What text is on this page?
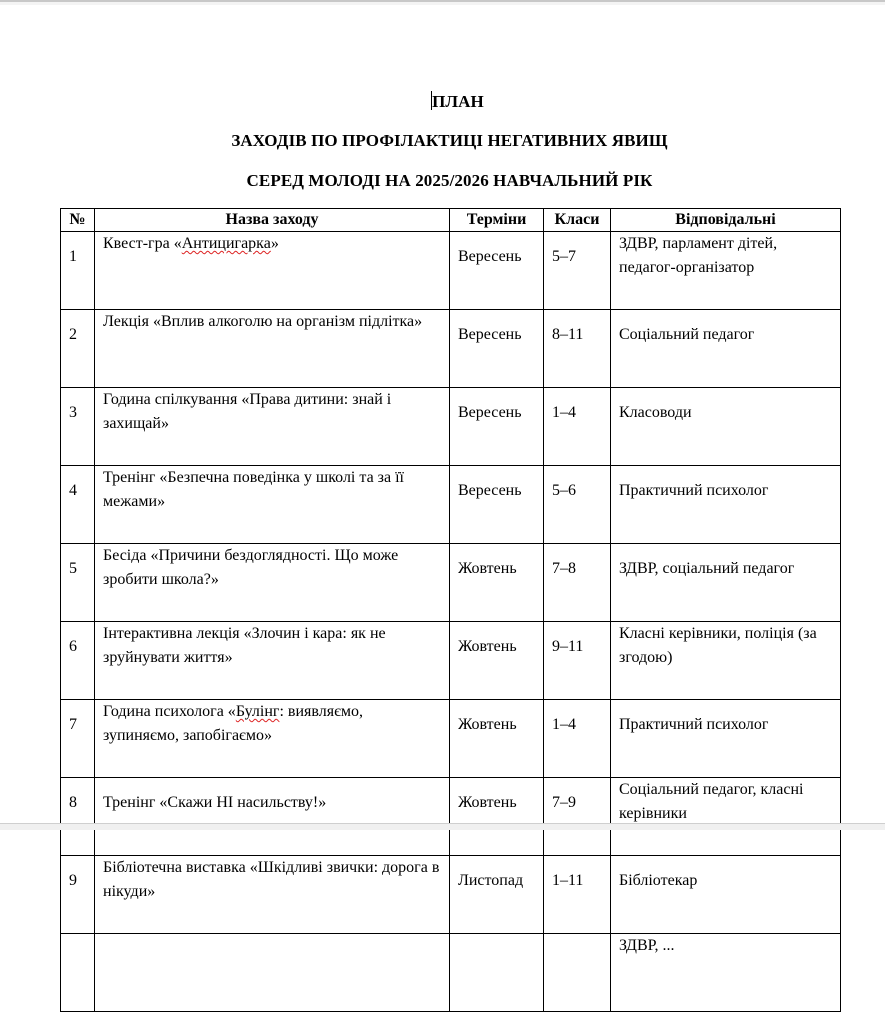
ПЛАН
ЗАХОДІВ ПО ПРОФІЛАКТИЦІ НЕГАТИВНИХ ЯВИЩ
СЕРЕД МОЛОДІ НА 2025/2026 НАВЧАЛЬНИЙ РІК
№	Назва заходу	Терміни	Класи	Відповідальні

1	Квест-гра «Антицигарка»	Вересень	5–7	ЗДВР, парламент дітей, педагог-організатор

2	Лекція «Вплив алкоголю на організм підлітка»	Вересень	8–11	Соціальний педагог
3	Година спілкування «Права дитини: знай і захищай»	Вересень	1–4	Класоводи
4	Тренінг «Безпечна поведінка у школі та за її межами»	Вересень	5–6	Практичний психолог
5	Бесіда «Причини бездоглядності. Що може зробити школа?»	Жовтень	7–8	ЗДВР, соціальний педагог
6	Інтерактивна лекція «Злочин і кара: як не зруйнувати життя»	Жовтень	9–11	Класні керівники, поліція (за згодою)
7	Година психолога «Булінг: виявляємо, зупиняємо, запобігаємо»	Жовтень	1–4	Практичний психолог
8	Тренінг «Скажи НІ насильству!»	Жовтень	7–9	Соціальний педагог, класні керівники
9	Бібліотечна виставка «Шкідливі звички: дорога в нікуди»	Листопад	1–11	Бібліотекар
				ЗДВР, ...
